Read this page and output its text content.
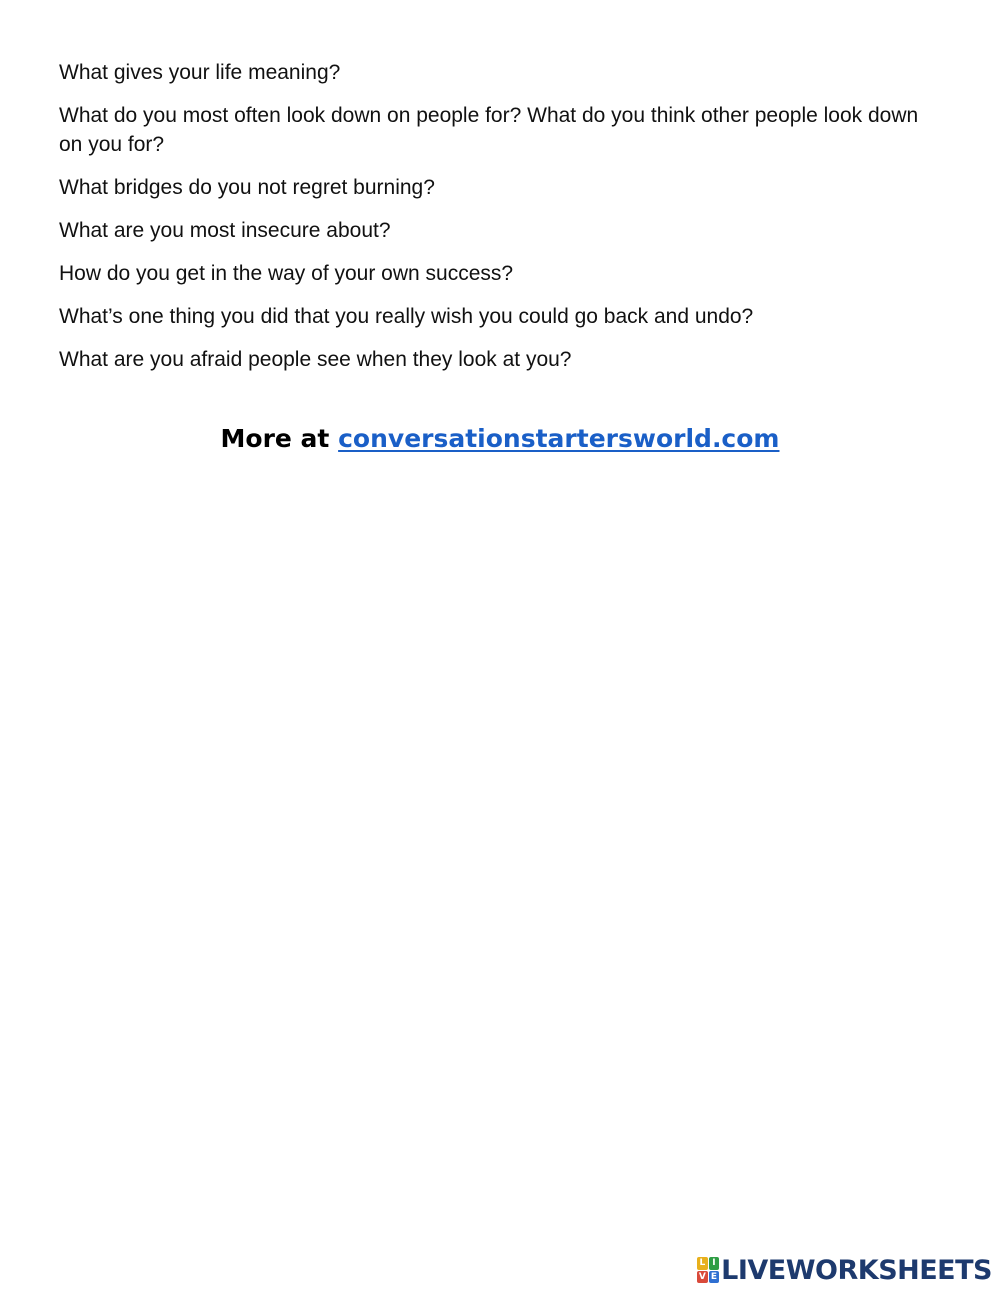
What gives your life meaning?
What do you most often look down on people for? What do you think other people look down on you for?
What bridges do you not regret burning?
What are you most insecure about?
How do you get in the way of your own success?
What’s one thing you did that you really wish you could go back and undo?
What are you afraid people see when they look at you?
More at conversationstartersworld.com
L I
V E LIVEWORKSHEETS
